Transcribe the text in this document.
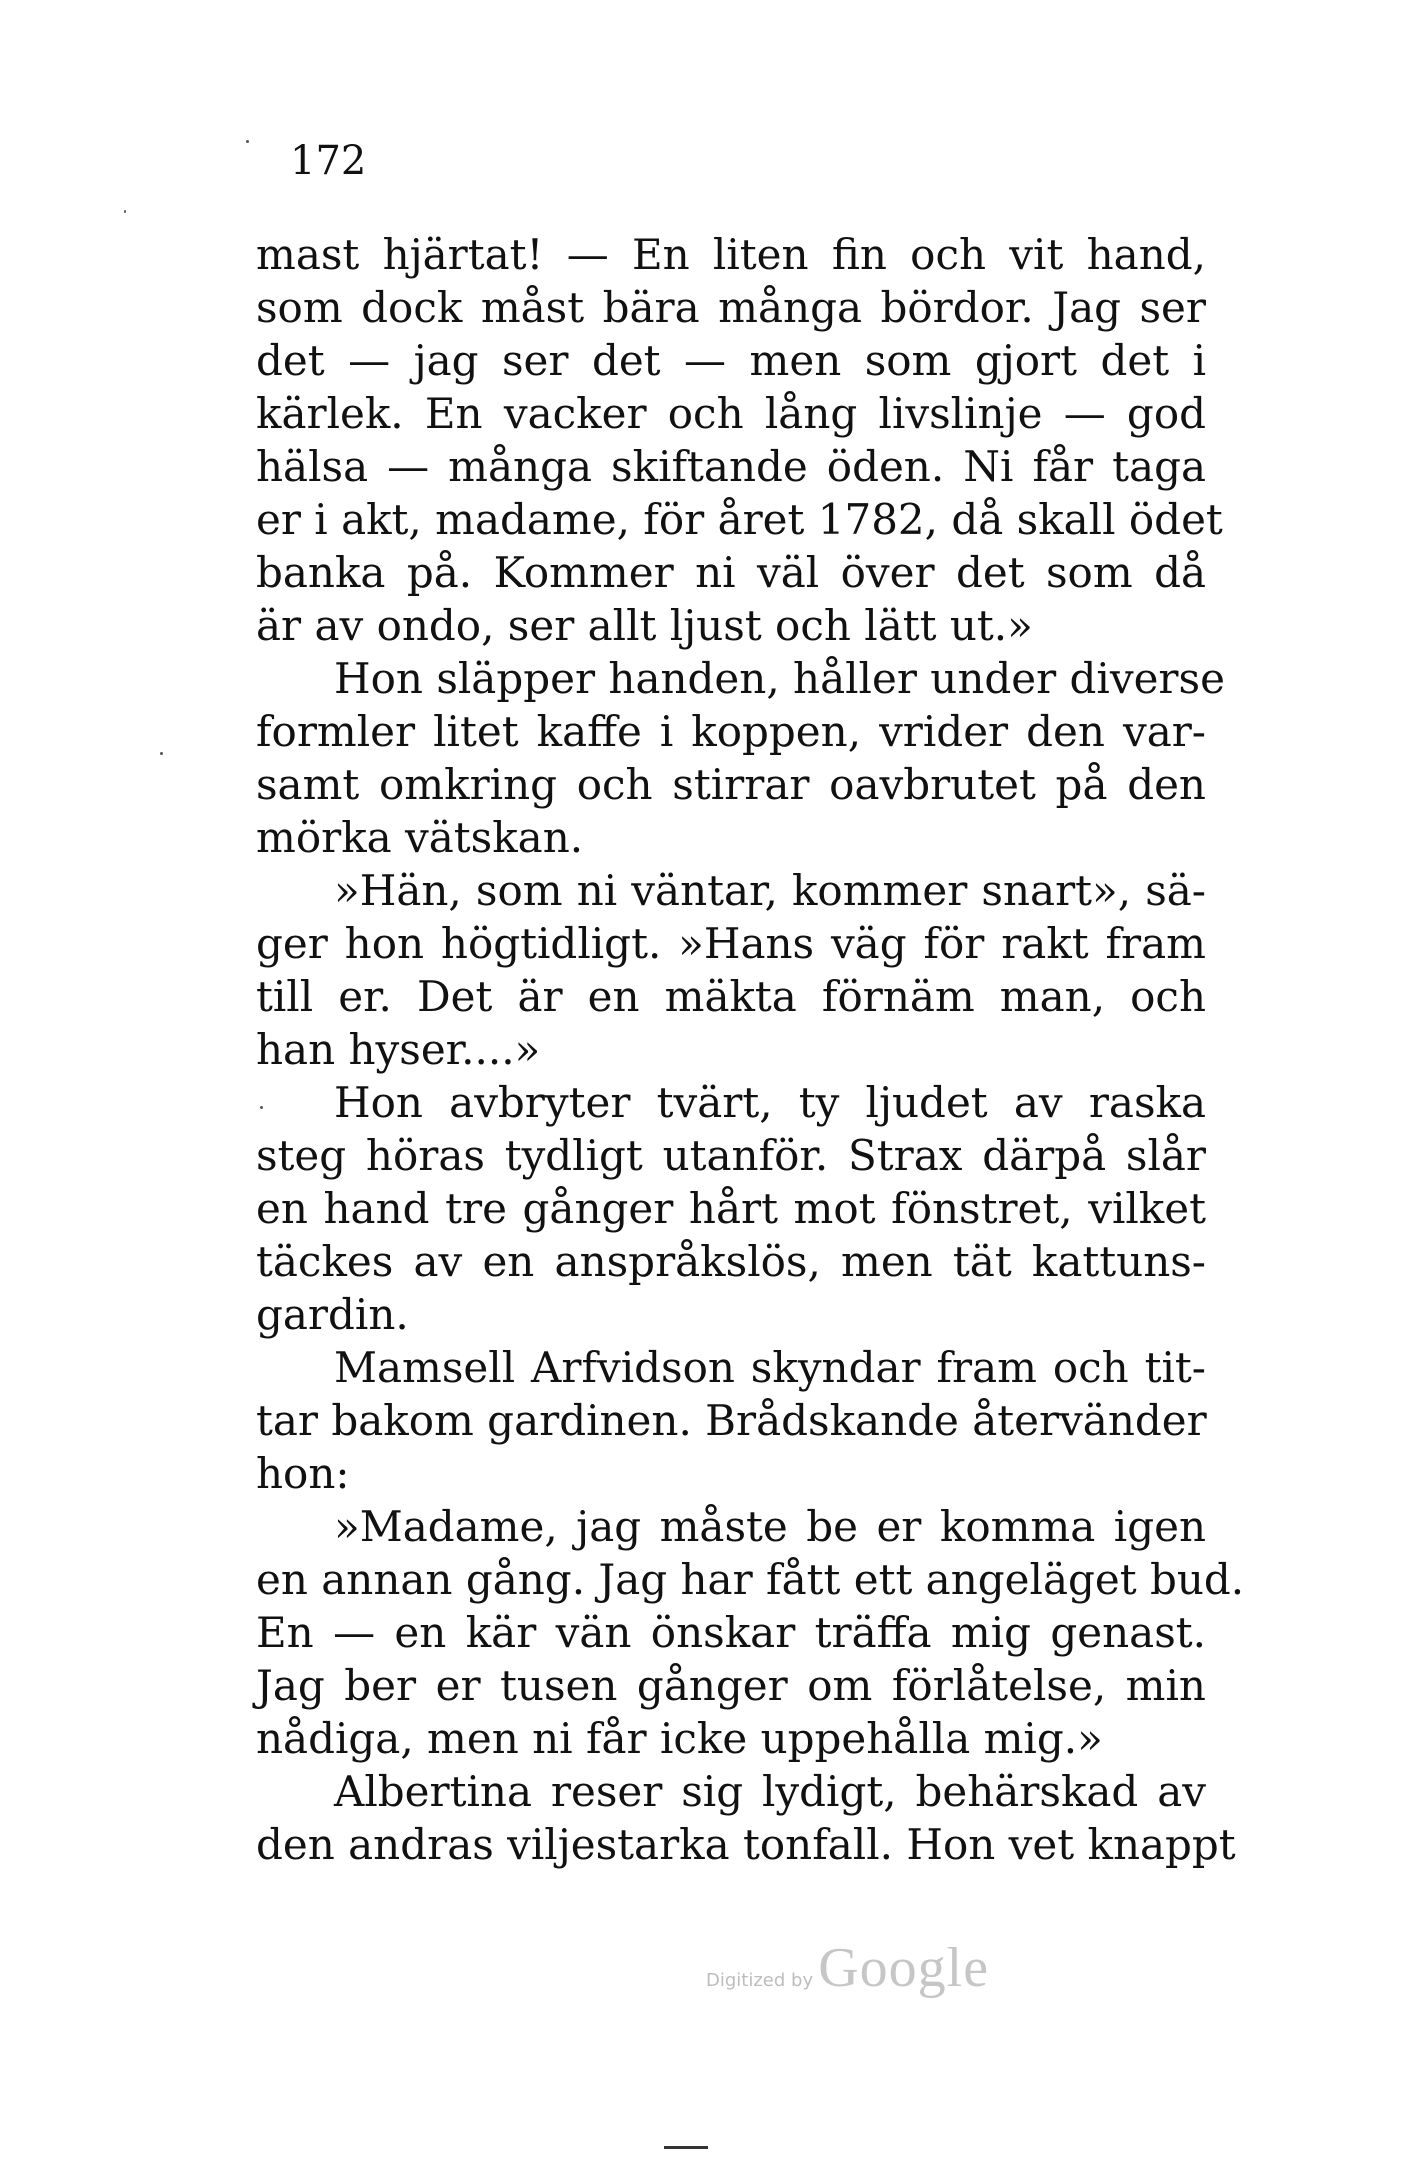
172
mast hjärtat! — En liten fin och vit hand,
som dock måst bära många bördor. Jag ser
det — jag ser det — men som gjort det i
kärlek. En vacker och lång livslinje — god
hälsa — många skiftande öden. Ni får taga
er i akt, madame, för året 1782, då skall ödet
banka på. Kommer ni väl över det som då
är av ondo, ser allt ljust och lätt ut.»
Hon släpper handen, håller under diverse
formler litet kaffe i koppen, vrider den var-
samt omkring och stirrar oavbrutet på den
mörka vätskan.
»Hän, som ni väntar, kommer snart», sä-
ger hon högtidligt. »Hans väg för rakt fram
till er. Det är en mäkta förnäm man, och
han hyser....»
Hon avbryter tvärt, ty ljudet av raska
steg höras tydligt utanför. Strax därpå slår
en hand tre gånger hårt mot fönstret, vilket
täckes av en anspråkslös, men tät kattuns-
gardin.
Mamsell Arfvidson skyndar fram och tit-
tar bakom gardinen. Brådskande återvänder
hon:
»Madame, jag måste be er komma igen
en annan gång. Jag har fått ett angeläget bud.
En — en kär vän önskar träffa mig genast.
Jag ber er tusen gånger om förlåtelse, min
nådiga, men ni får icke uppehålla mig.»
Albertina reser sig lydigt, behärskad av
den andras viljestarka tonfall. Hon vet knappt
Digitized by Google
